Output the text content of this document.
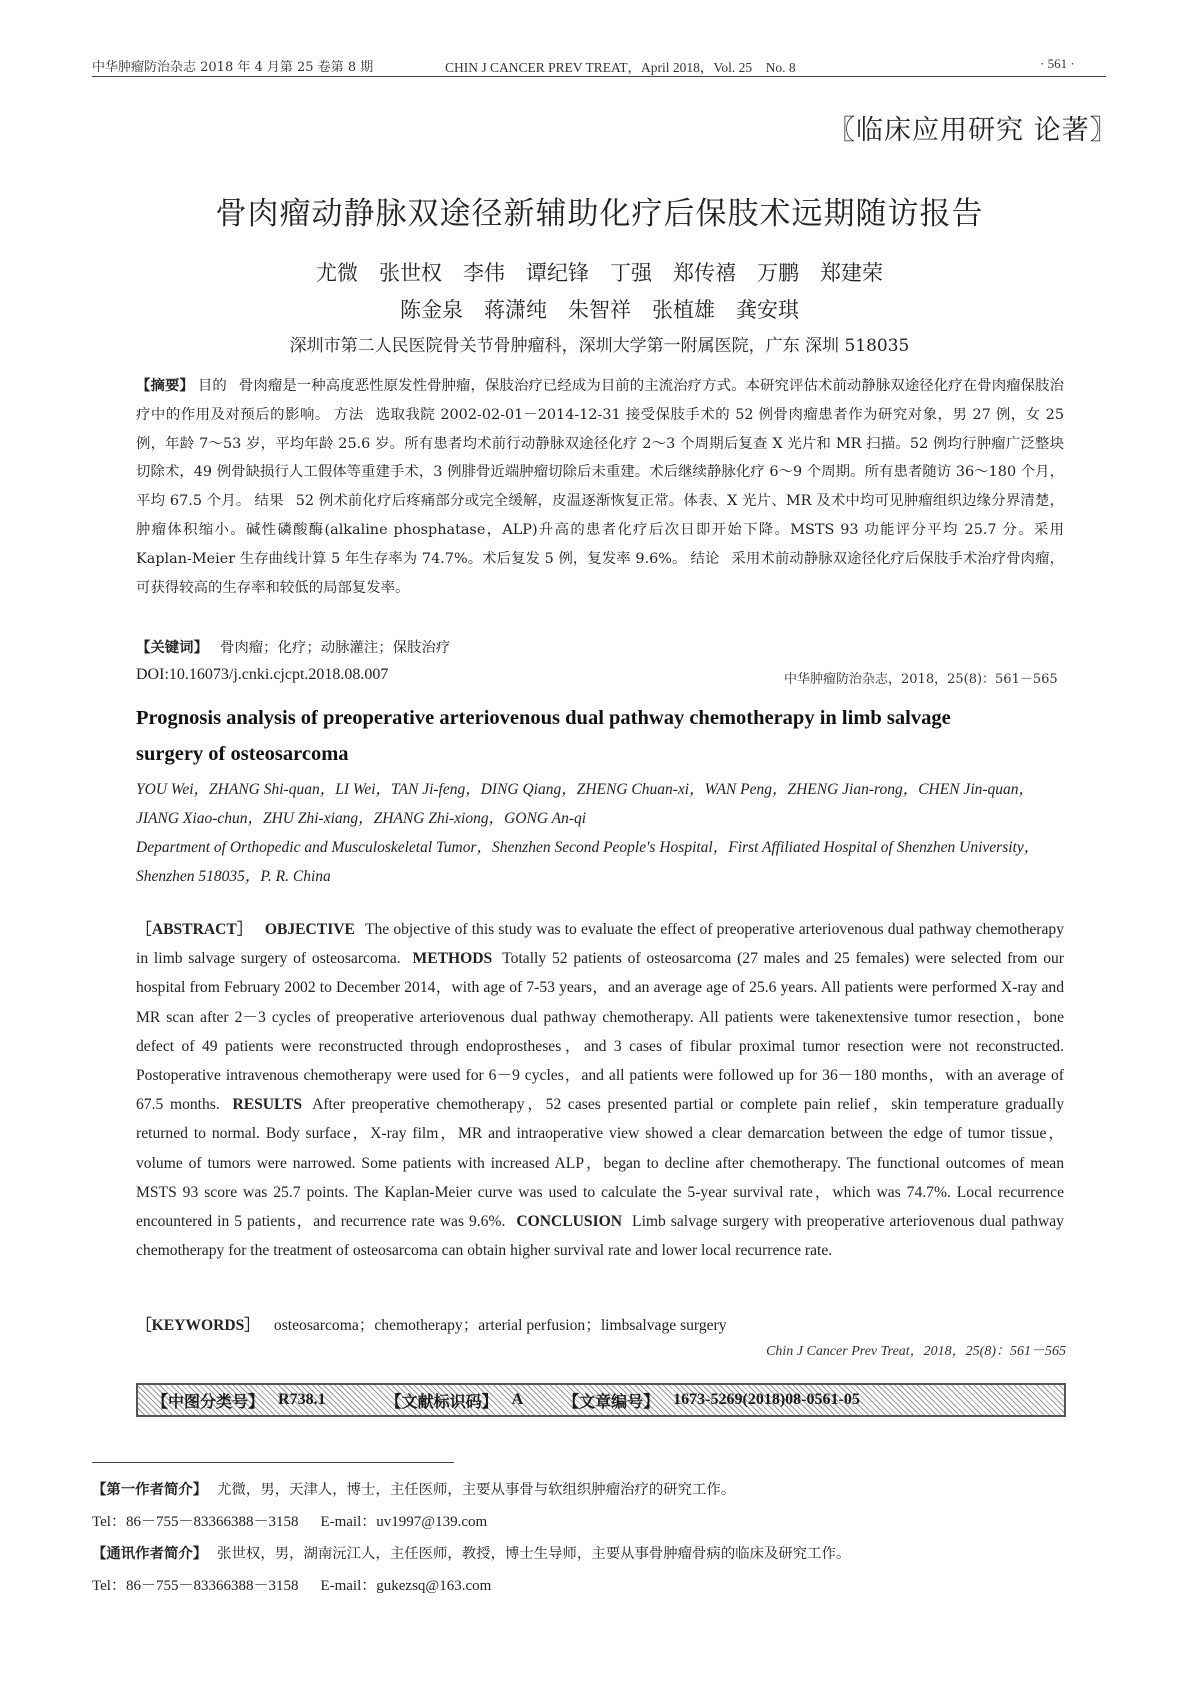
中华肿瘤防治杂志 2018 年 4 月第 25 卷第 8 期	CHIN J CANCER PREV TREAT，April 2018，Vol. 25　No. 8	· 561 ·
〖临床应用研究 论著〗
骨肉瘤动静脉双途径新辅助化疗后保肢术远期随访报告
尤微　张世权　李伟　谭纪锋　丁强　郑传禧　万鹏　郑建荣
陈金泉　蒋潇纯　朱智祥　张植雄　龚安琪
深圳市第二人民医院骨关节骨肿瘤科，深圳大学第一附属医院，广东 深圳 518035
【摘要】 目的 骨肉瘤是一种高度恶性原发性骨肿瘤，保肢治疗已经成为目前的主流治疗方式。本研究评估术前动静脉双途径化疗在骨肉瘤保肢治疗中的作用及对预后的影响。 方法 选取我院 2002-02-01－2014-12-31 接受保肢手术的 52 例骨肉瘤患者作为研究对象，男 27 例，女 25 例，年龄 7～53 岁，平均年龄 25.6 岁。所有患者均术前行动静脉双途径化疗 2～3 个周期后复查 X 光片和 MR 扫描。52 例均行肿瘤广泛整块切除术，49 例骨缺损行人工假体等重建手术，3 例腓骨近端肿瘤切除后未重建。术后继续静脉化疗 6～9 个周期。所有患者随访 36～180 个月，平均 67.5 个月。 结果 52 例术前化疗后疼痛部分或完全缓解，皮温逐渐恢复正常。体表、X 光片、MR 及术中均可见肿瘤组织边缘分界清楚，肿瘤体积缩小。碱性磷酸酶(alkaline phosphatase，ALP)升高的患者化疗后次日即开始下降。MSTS 93 功能评分平均 25.7 分。采用 Kaplan-Meier 生存曲线计算 5 年生存率为 74.7%。术后复发 5 例，复发率 9.6%。 结论 采用术前动静脉双途径化疗后保肢手术治疗骨肉瘤，可获得较高的生存率和较低的局部复发率。
【关键词】 骨肉瘤；化疗；动脉灌注；保肢治疗
DOI:10.16073/j.cnki.cjcpt.2018.08.007	中华肿瘤防治杂志，2018，25(8)：561－565
Prognosis analysis of preoperative arteriovenous dual pathway chemotherapy in limb salvage surgery of osteosarcoma
YOU Wei，ZHANG Shi-quan，LI Wei，TAN Ji-feng，DING Qiang，ZHENG Chuan-xi，WAN Peng，ZHENG Jian-rong，CHEN Jin-quan，JIANG Xiao-chun，ZHU Zhi-xiang，ZHANG Zhi-xiong，GONG An-qi
Department of Orthopedic and Musculoskeletal Tumor，Shenzhen Second People's Hospital，First Affiliated Hospital of Shenzhen University，Shenzhen 518035，P. R. China
［ABSTRACT］ OBJECTIVE The objective of this study was to evaluate the effect of preoperative arteriovenous dual pathway chemotherapy in limb salvage surgery of osteosarcoma. METHODS Totally 52 patients of osteosarcoma (27 males and 25 females) were selected from our hospital from February 2002 to December 2014，with age of 7-53 years，and an average age of 25.6 years. All patients were performed X-ray and MR scan after 2－3 cycles of preoperative arteriovenous dual pathway chemotherapy. All patients were takenextensive tumor resection，bone defect of 49 patients were reconstructed through endoprostheses，and 3 cases of fibular proximal tumor resection were not reconstructed. Postoperative intravenous chemotherapy were used for 6－9 cycles，and all patients were followed up for 36－180 months，with an average of 67.5 months. RESULTS After preoperative chemotherapy，52 cases presented partial or complete pain relief，skin temperature gradually returned to normal. Body surface，X-ray film，MR and intraoperative view showed a clear demarcation between the edge of tumor tissue，volume of tumors were narrowed. Some patients with increased ALP，began to decline after chemotherapy. The functional outcomes of mean MSTS 93 score was 25.7 points. The Kaplan-Meier curve was used to calculate the 5-year survival rate，which was 74.7%. Local recurrence encountered in 5 patients，and recurrence rate was 9.6%. CONCLUSION Limb salvage surgery with preoperative arteriovenous dual pathway chemotherapy for the treatment of osteosarcoma can obtain higher survival rate and lower local recurrence rate.
［KEYWORDS］ osteosarcoma；chemotherapy；arterial perfusion；limbsalvage surgery
Chin J Cancer Prev Treat，2018，25(8)：561－565
【中图分类号】 R738.1	【文献标识码】 A	【文章编号】 1673-5269(2018)08-0561-05
【第一作者简介】 尤微，男，天津人，博士，主任医师，主要从事骨与软组织肿瘤治疗的研究工作。
Tel：86－755－83366388－3158 E-mail：uv1997@139.com
【通讯作者简介】 张世权，男，湖南沅江人，主任医师，教授，博士生导师，主要从事骨肿瘤骨病的临床及研究工作。
Tel：86－755－83366388－3158 E-mail：gukezsq@163.com
